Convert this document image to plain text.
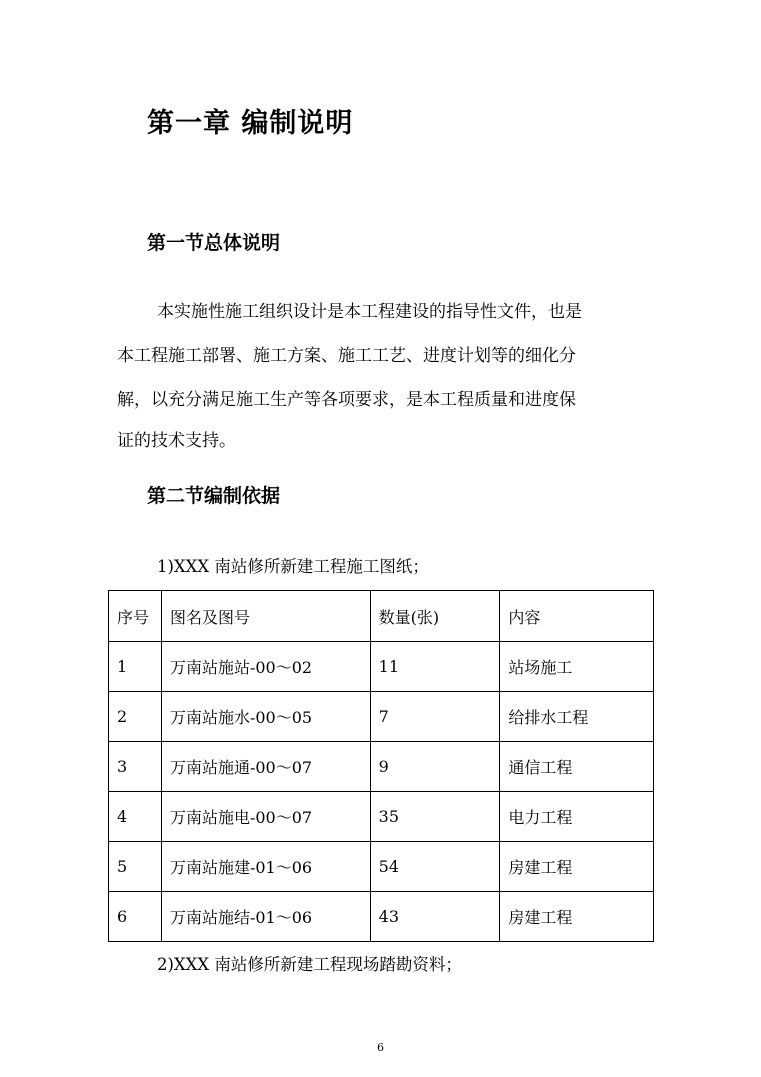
第一章 编制说明
第一节总体说明
本实施性施工组织设计是本工程建设的指导性文件，也是
本工程施工部署、施工方案、施工工艺、进度计划等的细化分
解，以充分满足施工生产等各项要求，是本工程质量和进度保
证的技术支持。
第二节编制依据
1)XXX 南站修所新建工程施工图纸；
序号	图名及图号	数量(张)	内容
1	万南站施站-00～02	11	站场施工
2	万南站施水-00～05	7	给排水工程
3	万南站施通-00～07	9	通信工程
4	万南站施电-00～07	35	电力工程
5	万南站施建-01～06	54	房建工程
6	万南站施结-01～06	43	房建工程
2)XXX 南站修所新建工程现场踏勘资料；
6
